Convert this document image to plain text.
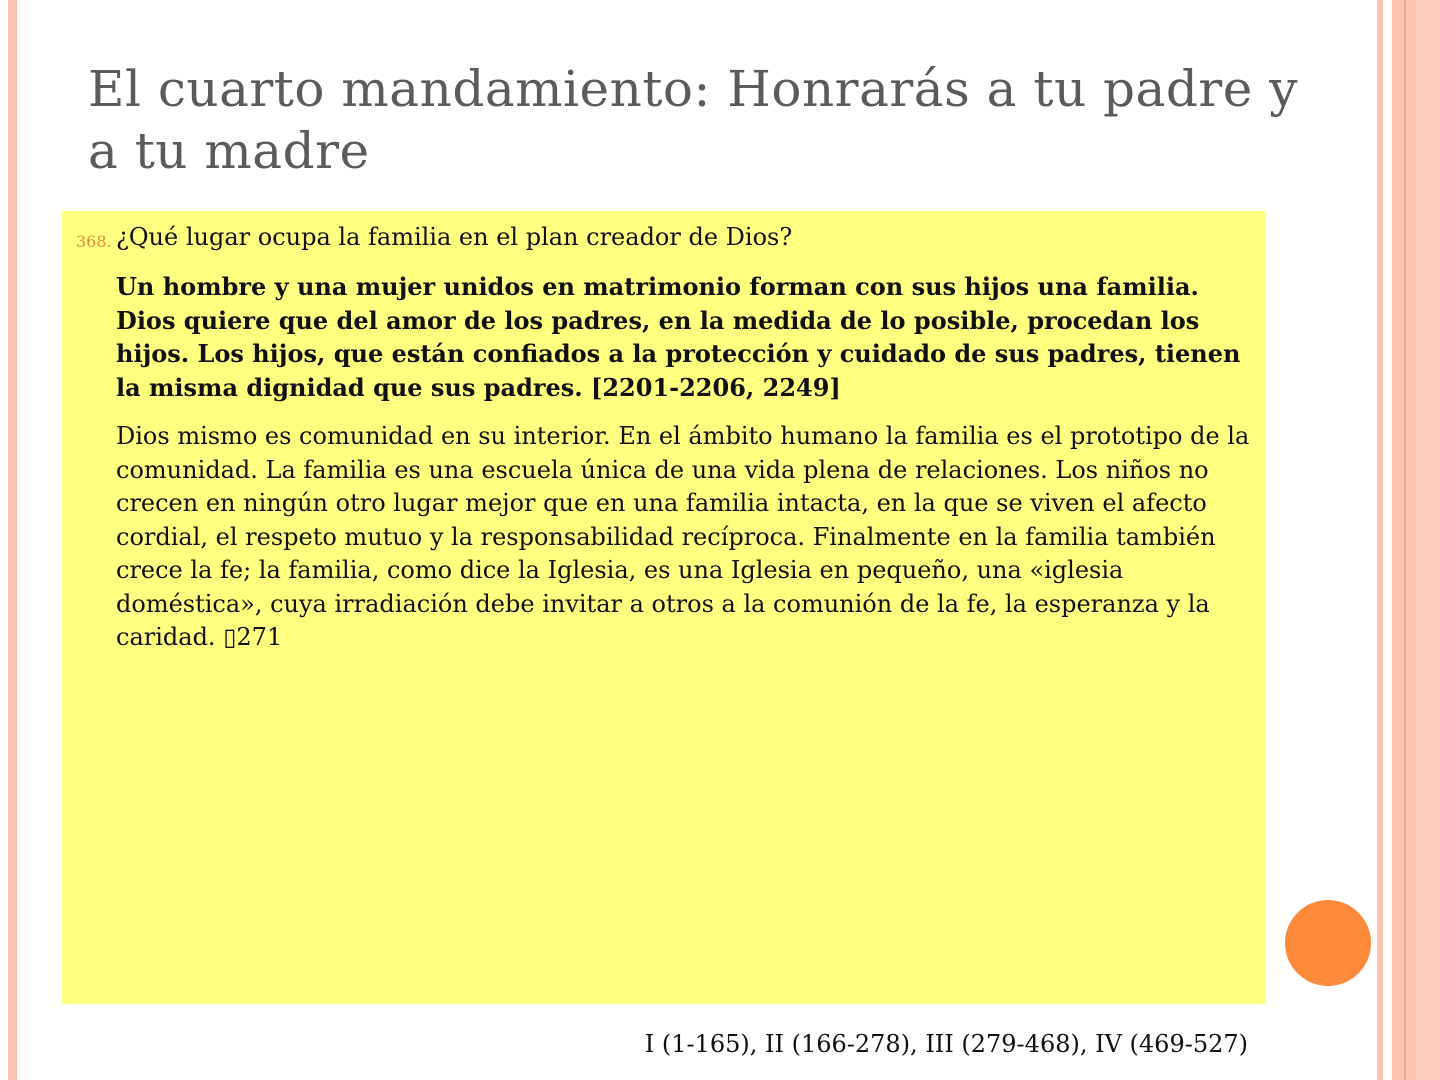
El cuarto mandamiento: Honrarás a tu padre y a tu madre
368. ¿Qué lugar ocupa la familia en el plan creador de Dios?

Un hombre y una mujer unidos en matrimonio forman con sus hijos una familia. Dios quiere que del amor de los padres, en la medida de lo posible, procedan los hijos. Los hijos, que están confiados a la protección y cuidado de sus padres, tienen la misma dignidad que sus padres. [2201-2206, 2249]

Dios mismo es comunidad en su interior. En el ámbito humano la familia es el prototipo de la comunidad. La familia es una escuela única de una vida plena de relaciones. Los niños no crecen en ningún otro lugar mejor que en una familia intacta, en la que se viven el afecto cordial, el respeto mutuo y la responsabilidad recíproca. Finalmente en la familia también crece la fe; la familia, como dice la Iglesia, es una Iglesia en pequeño, una «iglesia doméstica», cuya irradiación debe invitar a otros a la comunión de la fe, la esperanza y la caridad. ▯271

I (1-165), II (166-278), III (279-468), IV (469-527)
